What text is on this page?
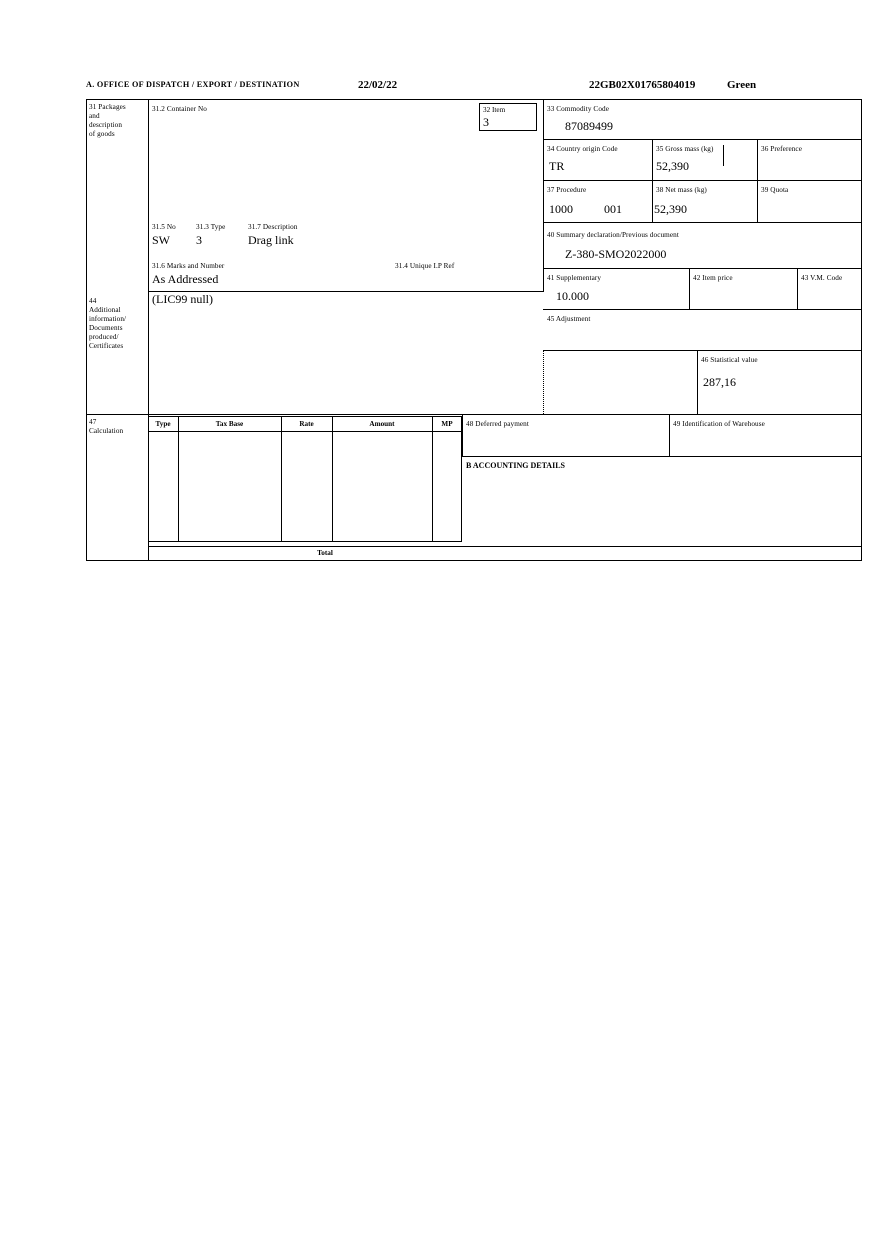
A. OFFICE OF DISPATCH / EXPORT / DESTINATION	22/02/22	22GB02X01765804019	Green
31 Packages
and
description
of goods
31.2 Container No
31.5 No	31.3 Type	31.7 Description
SW 3	Drag link
31.6 Marks and Number	31.4 Unique I.P Ref
As Addressed
32 Item
3
33 Commodity Code
87089499
34 Country origin Code
TR
35 Gross mass (kg)
52,390
36 Preference
37 Procedure
1000	001
38 Net mass (kg)
52,390
39 Quota
40 Summary declaration/Previous document
Z-380-SMO2022000
41 Supplementary
10.000
42 Item price	43 V.M. Code
44
Additional
information/
Documents
produced/
Certificates
(LIC99 null)
45 Adjustment
46 Statistical value
287,16
47
Calculation
Type	Tax Base	Rate	Amount	MP
Total
48 Deferred payment	49 Identification of Warehouse
B ACCOUNTING DETAILS
